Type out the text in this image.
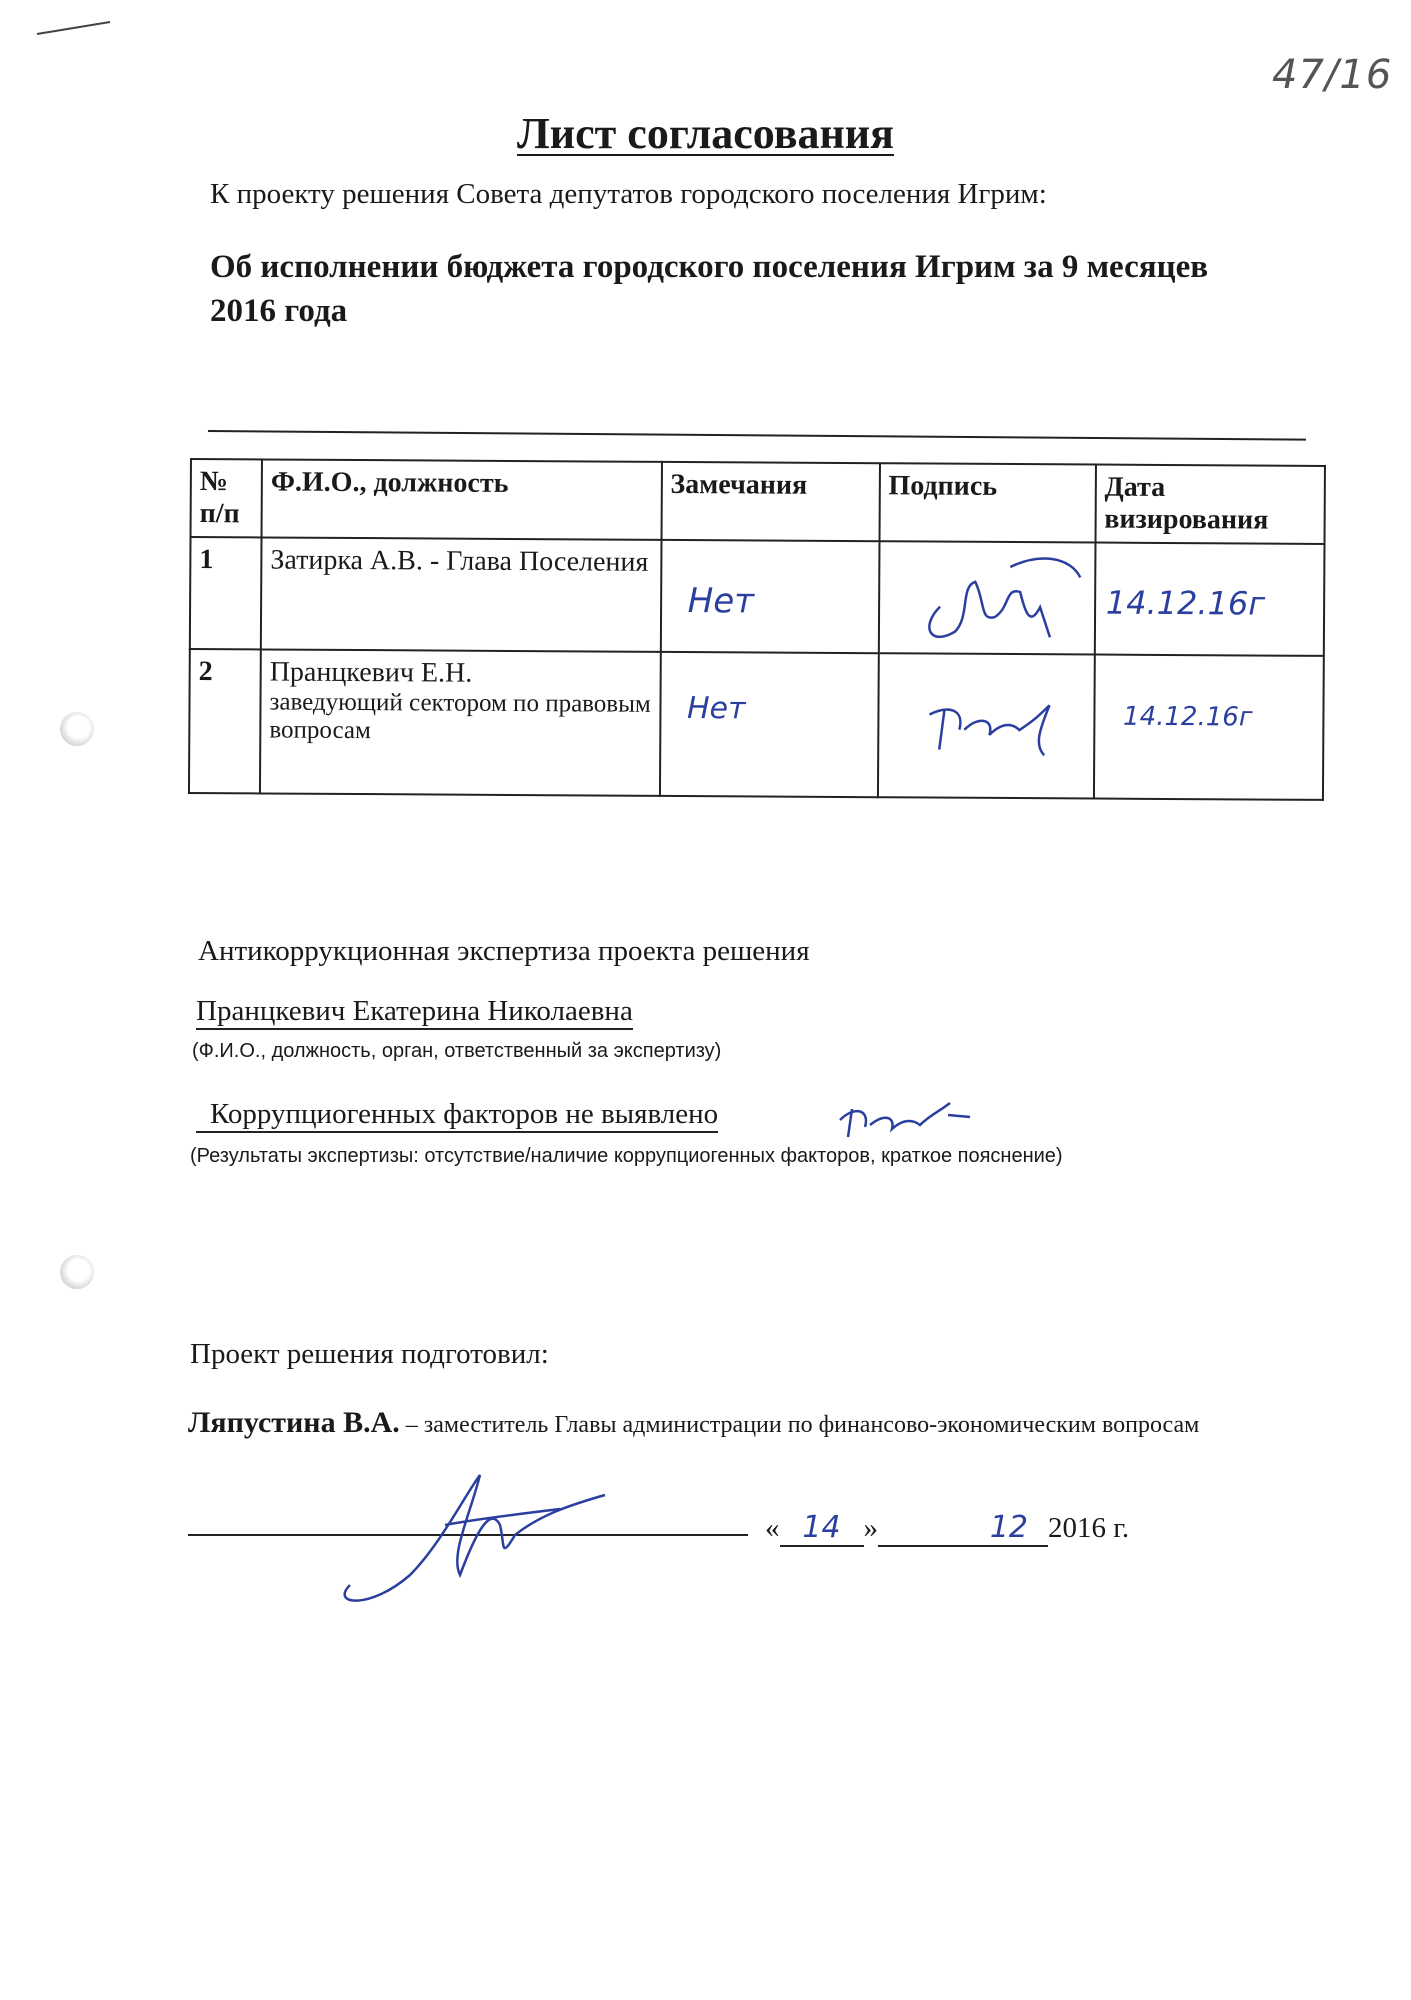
47/16
Лист согласования
К проекту решения Совета депутатов городского поселения Игрим:
Об исполнении бюджета городского поселения Игрим за 9 месяцев 2016 года
№ п/п	Ф.И.О., должность	Замечания	Подпись	Дата визирования
1	Затирка А.В. - Глава Поселения	Нет		14.12.16г

2	Пранцкевич Е.Н.
заведующий сектором по правовым вопросам	Нет		14.12.16г
Антикоррукционная экспертиза проекта решения
Пранцкевич Екатерина Николаевна
(Ф.И.О., должность, орган, ответственный за экспертизу)
Коррупциогенных факторов не выявлено
(Результаты экспертизы: отсутствие/наличие коррупциогенных факторов, краткое пояснение)
Проект решения подготовил:
Ляпустина В.А. – заместитель Главы администрации по финансово-экономическим вопросам
« 14 »	12 2016 г.
